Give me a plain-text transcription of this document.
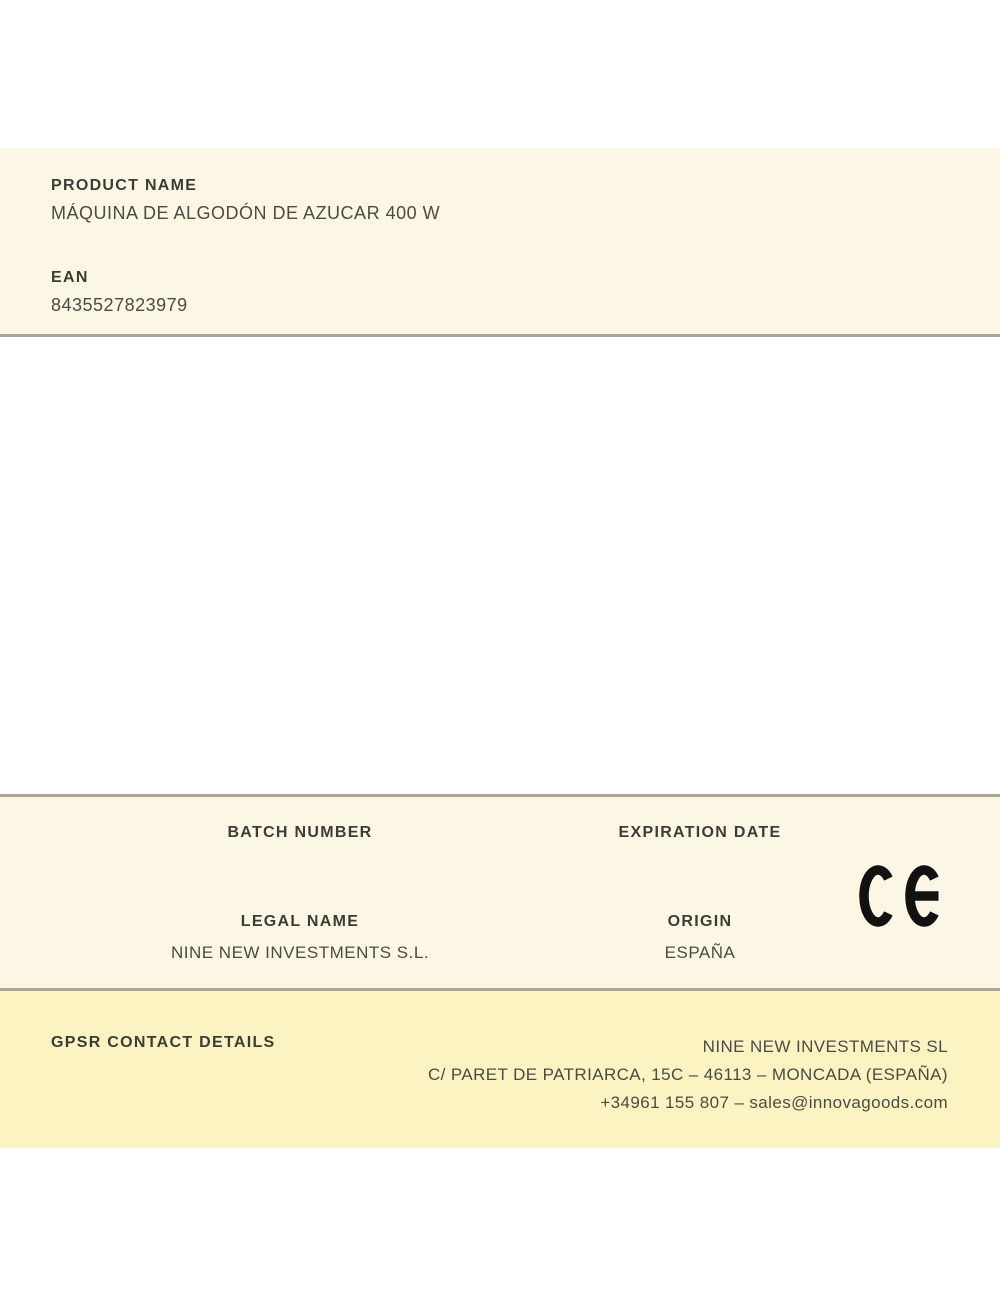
PRODUCT NAME
MÁQUINA DE ALGODÓN DE AZUCAR 400 W
EAN
8435527823979
BATCH NUMBER	EXPIRATION DATE
LEGAL NAME	ORIGIN
NINE NEW INVESTMENTS S.L.	ESPAÑA
GPSR CONTACT DETAILS	NINE NEW INVESTMENTS SL
C/ PARET DE PATRIARCA, 15C – 46113 – MONCADA (ESPAÑA)
+34961 155 807 – sales@innovagoods.com
